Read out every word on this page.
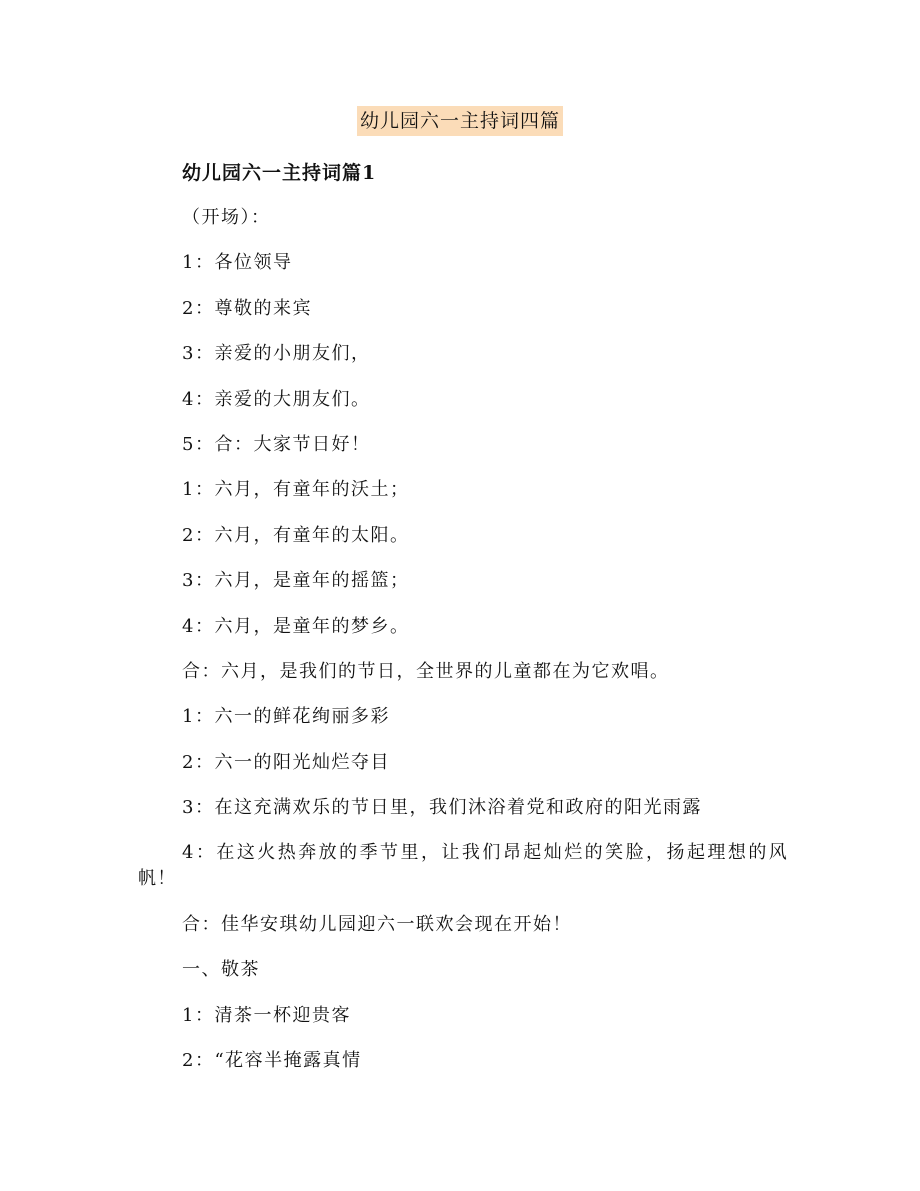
幼儿园六一主持词四篇
幼儿园六一主持词篇1

（开场）：

1：各位领导

2：尊敬的来宾

3：亲爱的小朋友们，

4：亲爱的大朋友们。

5：合：大家节日好！

1：六月，有童年的沃土；

2：六月，有童年的太阳。

3：六月，是童年的摇篮；

4：六月，是童年的梦乡。

合：六月，是我们的节日，全世界的儿童都在为它欢唱。

1：六一的鲜花绚丽多彩

2：六一的阳光灿烂夺目

3：在这充满欢乐的节日里，我们沐浴着党和政府的阳光雨露

4：在这火热奔放的季节里，让我们昂起灿烂的笑脸，扬起理想的风帆！

合：佳华安琪幼儿园迎六一联欢会现在开始！

一、敬茶

1：清茶一杯迎贵客

2：“花容半掩露真情
